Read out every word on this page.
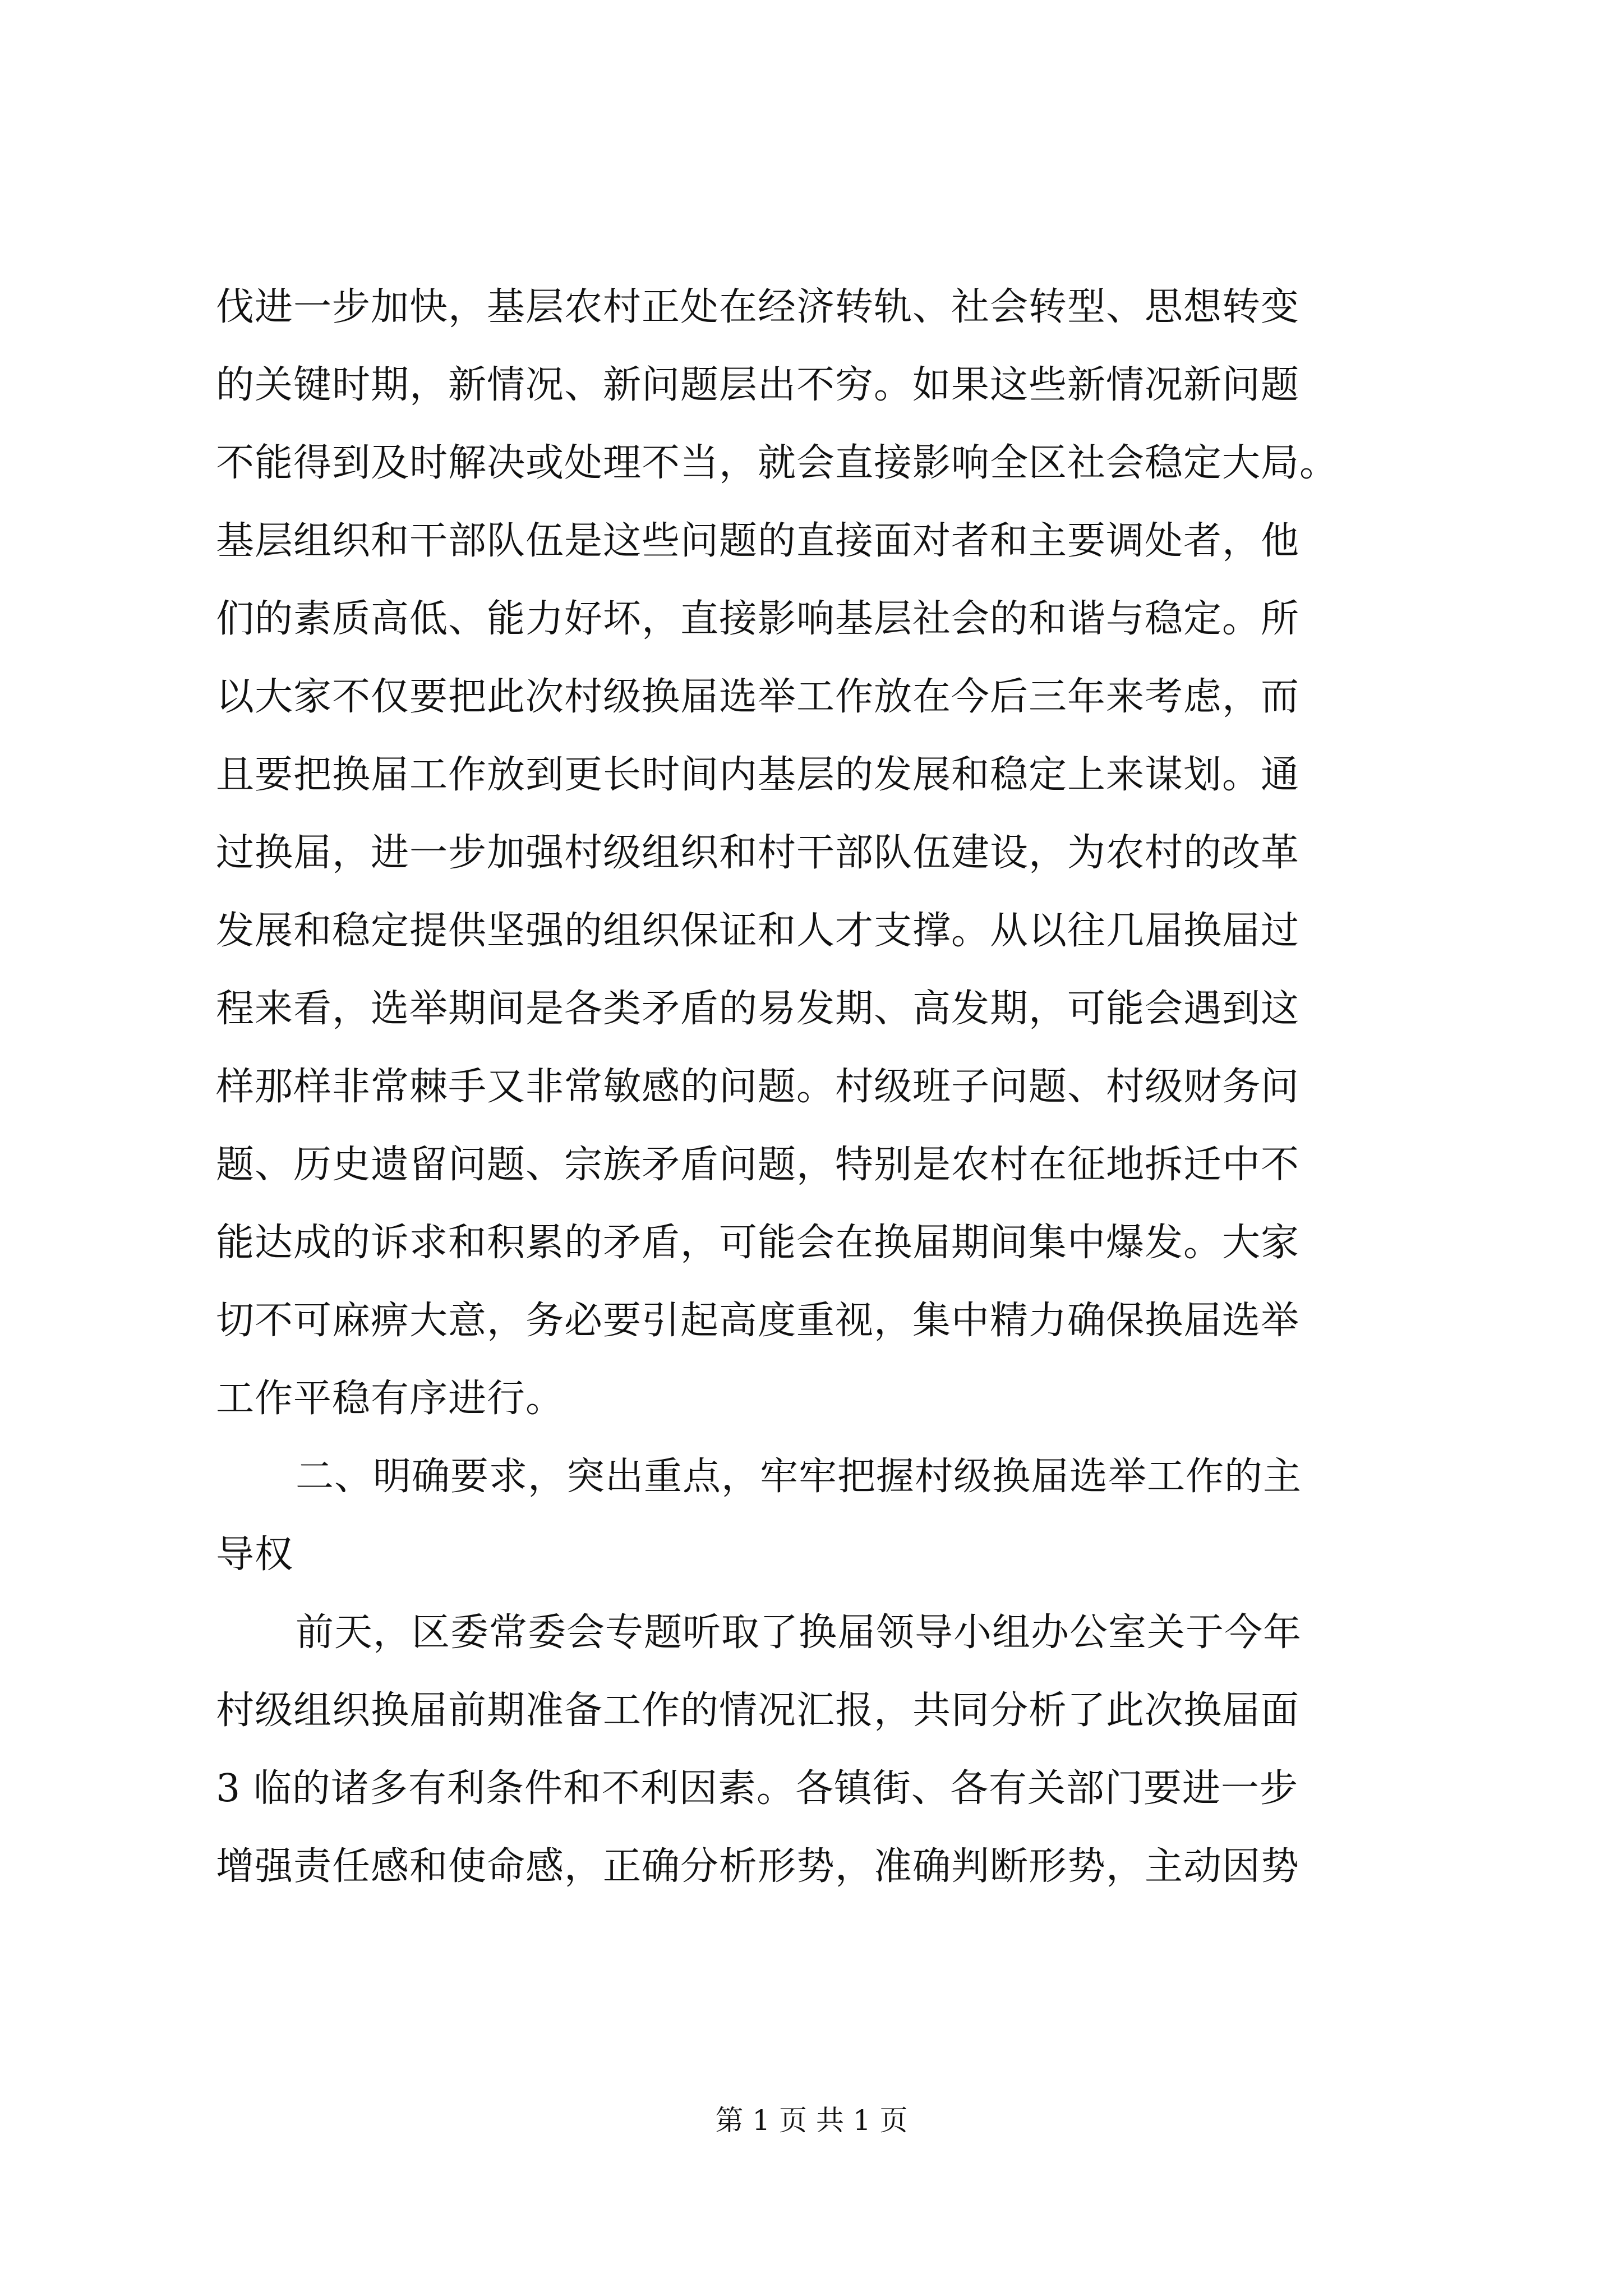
伐进一步加快，基层农村正处在经济转轨、社会转型、思想转变
的关键时期，新情况、新问题层出不穷。如果这些新情况新问题
不能得到及时解决或处理不当，就会直接影响全区社会稳定大局。
基层组织和干部队伍是这些问题的直接面对者和主要调处者，他
们的素质高低、能力好坏，直接影响基层社会的和谐与稳定。所
以大家不仅要把此次村级换届选举工作放在今后三年来考虑，而
且要把换届工作放到更长时间内基层的发展和稳定上来谋划。通
过换届，进一步加强村级组织和村干部队伍建设，为农村的改革
发展和稳定提供坚强的组织保证和人才支撑。从以往几届换届过
程来看，选举期间是各类矛盾的易发期、高发期，可能会遇到这
样那样非常棘手又非常敏感的问题。村级班子问题、村级财务问
题、历史遗留问题、宗族矛盾问题，特别是农村在征地拆迁中不
能达成的诉求和积累的矛盾，可能会在换届期间集中爆发。大家
切不可麻痹大意，务必要引起高度重视，集中精力确保换届选举
工作平稳有序进行。
二、明确要求，突出重点，牢牢把握村级换届选举工作的主
导权
前天，区委常委会专题听取了换届领导小组办公室关于今年
村级组织换届前期准备工作的情况汇报，共同分析了此次换届面
3 临的诸多有利条件和不利因素。各镇街、各有关部门要进一步
增强责任感和使命感，正确分析形势，准确判断形势，主动因势
第 1 页 共 1 页
